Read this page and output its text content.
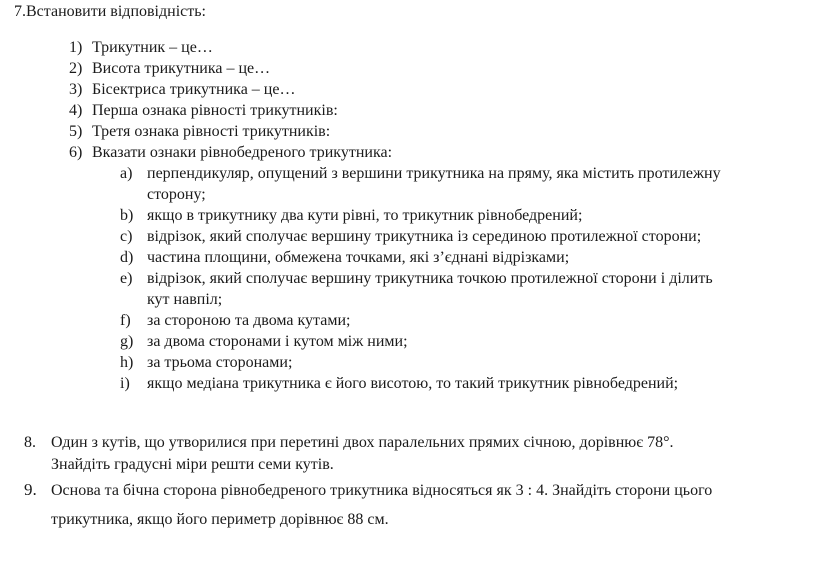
7.Встановити відповідність:
1) Трикутник – це…
2) Висота трикутника – це…
3) Бісектриса трикутника – це…
4) Перша ознака рівності трикутників:
5) Третя ознака рівності трикутників:
6) Вказати ознаки рівнобедреного трикутника:
a) перпендикуляр, опущений з вершини трикутника на пряму, яка містить протилежну
сторону;
b) якщо в трикутнику два кути рівні, то трикутник рівнобедрений;
c) відрізок, який сполучає вершину трикутника із серединою протилежної сторони;
d) частина площини, обмежена точками, які з’єднані відрізками;
e) відрізок, який сполучає вершину трикутника точкою протилежної сторони і ділить
кут навпіл;
f) за стороною та двома кутами;
g) за двома сторонами і кутом між ними;
h) за трьома сторонами;
i) якщо медіана трикутника є його висотою, то такий трикутник рівнобедрений;
8. Один з кутів, що утворилися при перетині двох паралельних прямих січною, дорівнює 78°.
Знайдіть градусні міри решти семи кутів.
9. Основа та бічна сторона рівнобедреного трикутника відносяться як 3 : 4. Знайдіть сторони цього
трикутника, якщо його периметр дорівнює 88 см.
